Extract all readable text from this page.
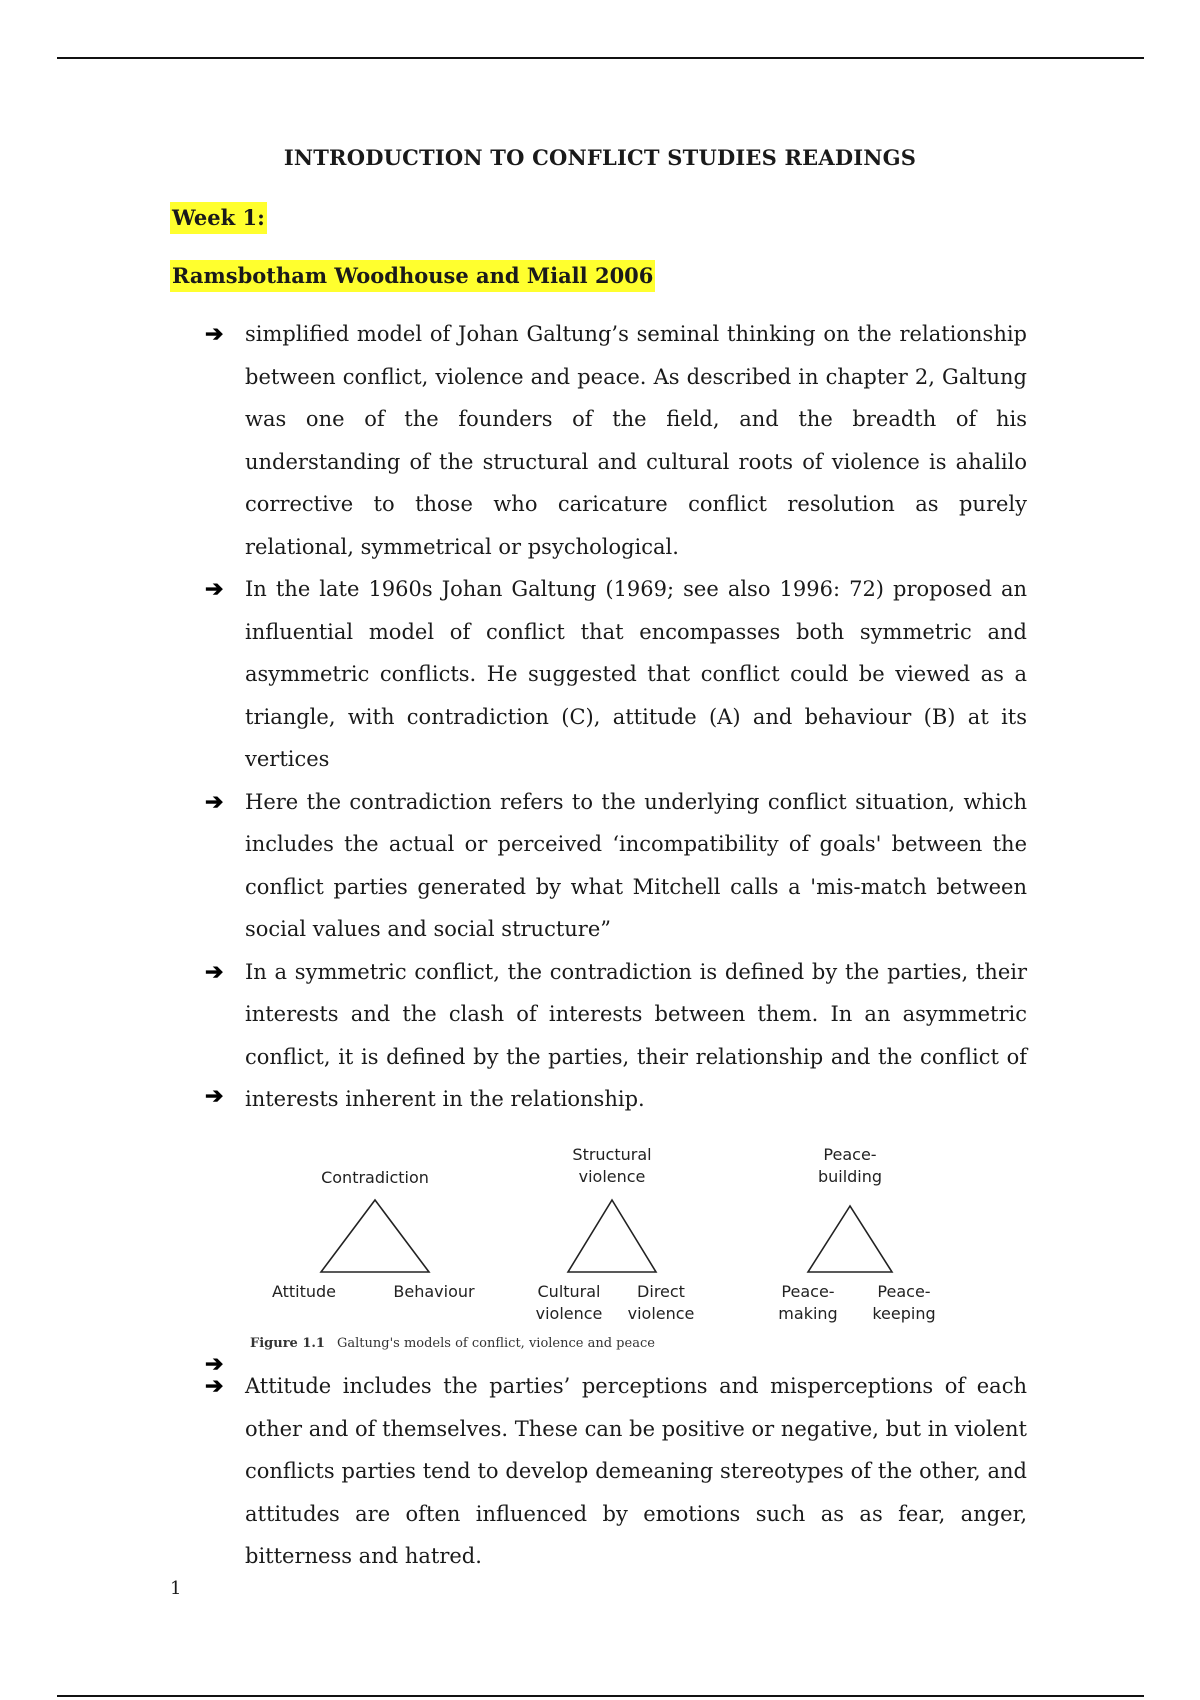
INTRODUCTION TO CONFLICT STUDIES READINGS
Week 1:
Ramsbotham Woodhouse and Miall 2006
➔ simplified model of Johan Galtung’s seminal thinking on the relationship between conflict, violence and peace. As described in chapter 2, Galtung was one of the founders of the field, and the breadth of his understanding of the structural and cultural roots of violence is ahalilo corrective to those who caricature conflict resolution as purely relational, symmetrical or psychological.
➔ In the late 1960s Johan Galtung (1969; see also 1996: 72) proposed an influential model of conflict that encompasses both symmetric and asymmetric conflicts. He suggested that conflict could be viewed as a triangle, with contradiction (C), attitude (A) and behaviour (B) at its vertices
➔ Here the contradiction refers to the underlying conflict situation, which includes the actual or perceived ‘incompatibility of goals' between the conflict parties generated by what Mitchell calls a 'mis-match between social values and social structure”
➔ In a symmetric conflict, the contradiction is defined by the parties, their interests and the clash of interests between them. In an asymmetric conflict, it is defined by the parties, their relationship and the conflict of interests inherent in the relationship.
➔

Contradiction
Attitude	Behaviour
Structural
violence
Cultural
violence
Direct
violence
Peace-
building
Peace-
making
Peace-
keeping
Figure 1.1 Galtung's models of conflict, violence and peace
➔

➔ Attitude includes the parties’ perceptions and misperceptions of each other and of themselves. These can be positive or negative, but in violent conflicts parties tend to develop demeaning stereotypes of the other, and attitudes are often influenced by emotions such as as fear, anger, bitterness and hatred.
1
